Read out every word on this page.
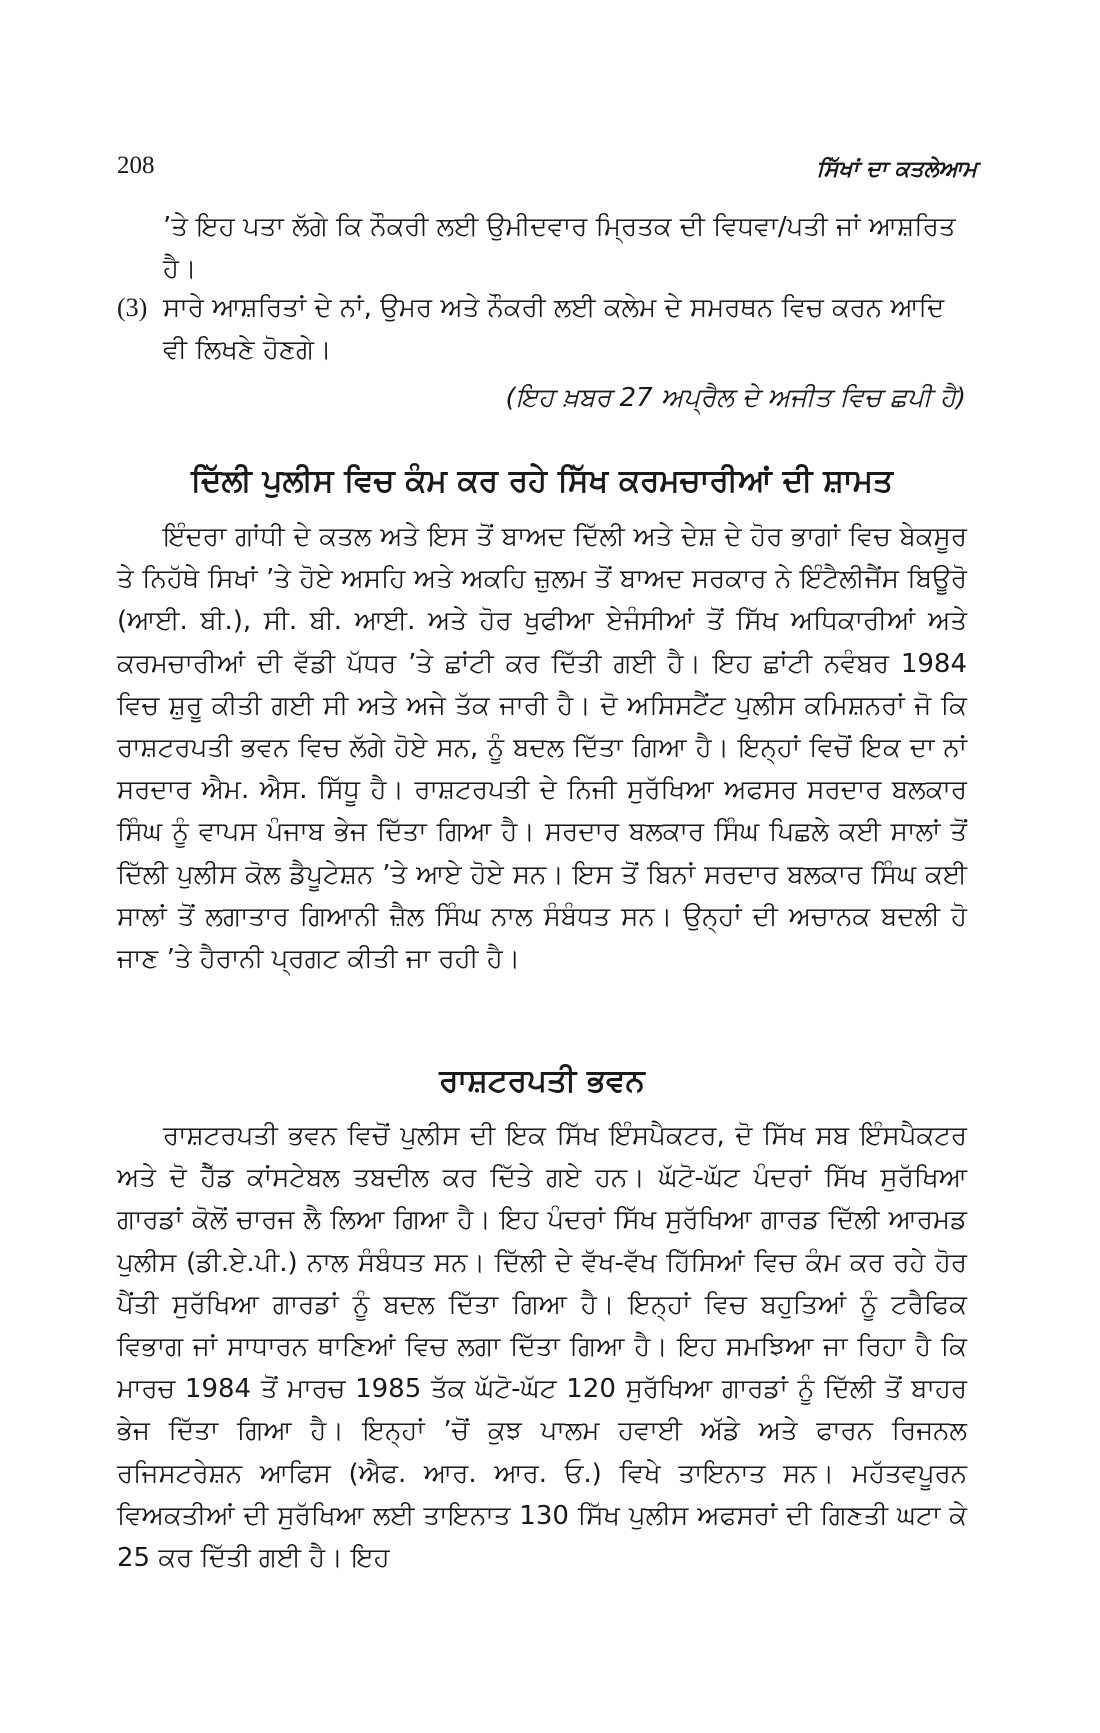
208	ਸਿੱਖਾਂ ਦਾ ਕਤਲੇਆਮ

’ਤੇ ਇਹ ਪਤਾ ਲੱਗੇ ਕਿ ਨੌਕਰੀ ਲਈ ਉਮੀਦਵਾਰ ਮ੍ਰਿਤਕ ਦੀ ਵਿਧਵਾ/ਪਤੀ ਜਾਂ ਆਸ਼ਰਿਤ ਹੈ।

(3) ਸਾਰੇ ਆਸ਼ਰਿਤਾਂ ਦੇ ਨਾਂ, ਉਮਰ ਅਤੇ ਨੌਕਰੀ ਲਈ ਕਲੇਮ ਦੇ ਸਮਰਥਨ ਵਿਚ ਕਰਨ ਆਦਿ ਵੀ ਲਿਖਣੇ ਹੋਣਗੇ।
(ਇਹ ਖ਼ਬਰ 27 ਅਪ੍ਰੈਲ ਦੇ ਅਜੀਤ ਵਿਚ ਛਪੀ ਹੈ)
ਦਿੱਲੀ ਪੁਲੀਸ ਵਿਚ ਕੰਮ ਕਰ ਰਹੇ ਸਿੱਖ ਕਰਮਚਾਰੀਆਂ ਦੀ ਸ਼ਾਮਤ

ਇੰਦਰਾ ਗਾਂਧੀ ਦੇ ਕਤਲ ਅਤੇ ਇਸ ਤੋਂ ਬਾਅਦ ਦਿੱਲੀ ਅਤੇ ਦੇਸ਼ ਦੇ ਹੋਰ ਭਾਗਾਂ ਵਿਚ ਬੇਕਸੂਰ ਤੇ ਨਿਹੱਥੇ ਸਿਖਾਂ ’ਤੇ ਹੋਏ ਅਸਹਿ ਅਤੇ ਅਕਹਿ ਜ਼ੁਲਮ ਤੋਂ ਬਾਅਦ ਸਰਕਾਰ ਨੇ ਇੰਟੈਲੀਜੈਂਸ ਬਿਊਰੋ (ਆਈ. ਬੀ.), ਸੀ. ਬੀ. ਆਈ. ਅਤੇ ਹੋਰ ਖੁਫੀਆ ਏਜੰਸੀਆਂ ਤੋਂ ਸਿੱਖ ਅਧਿਕਾਰੀਆਂ ਅਤੇ ਕਰਮਚਾਰੀਆਂ ਦੀ ਵੱਡੀ ਪੱਧਰ ’ਤੇ ਛਾਂਟੀ ਕਰ ਦਿੱਤੀ ਗਈ ਹੈ। ਇਹ ਛਾਂਟੀ ਨਵੰਬਰ 1984 ਵਿਚ ਸ਼ੁਰੂ ਕੀਤੀ ਗਈ ਸੀ ਅਤੇ ਅਜੇ ਤੱਕ ਜਾਰੀ ਹੈ। ਦੋ ਅਸਿਸਟੈਂਟ ਪੁਲੀਸ ਕਮਿਸ਼ਨਰਾਂ ਜੋ ਕਿ ਰਾਸ਼ਟਰਪਤੀ ਭਵਨ ਵਿਚ ਲੱਗੇ ਹੋਏ ਸਨ, ਨੂੰ ਬਦਲ ਦਿੱਤਾ ਗਿਆ ਹੈ। ਇਨ੍ਹਾਂ ਵਿਚੋਂ ਇਕ ਦਾ ਨਾਂ ਸਰਦਾਰ ਐਮ. ਐਸ. ਸਿੱਧੂ ਹੈ। ਰਾਸ਼ਟਰਪਤੀ ਦੇ ਨਿਜੀ ਸੁਰੱਖਿਆ ਅਫਸਰ ਸਰਦਾਰ ਬਲਕਾਰ ਸਿੰਘ ਨੂੰ ਵਾਪਸ ਪੰਜਾਬ ਭੇਜ ਦਿੱਤਾ ਗਿਆ ਹੈ। ਸਰਦਾਰ ਬਲਕਾਰ ਸਿੰਘ ਪਿਛਲੇ ਕਈ ਸਾਲਾਂ ਤੋਂ ਦਿੱਲੀ ਪੁਲੀਸ ਕੋਲ ਡੈਪੂਟੇਸ਼ਨ ’ਤੇ ਆਏ ਹੋਏ ਸਨ। ਇਸ ਤੋਂ ਬਿਨਾਂ ਸਰਦਾਰ ਬਲਕਾਰ ਸਿੰਘ ਕਈ ਸਾਲਾਂ ਤੋਂ ਲਗਾਤਾਰ ਗਿਆਨੀ ਜ਼ੈਲ ਸਿੰਘ ਨਾਲ ਸੰਬੰਧਤ ਸਨ। ਉਨ੍ਹਾਂ ਦੀ ਅਚਾਨਕ ਬਦਲੀ ਹੋ ਜਾਣ ’ਤੇ ਹੈਰਾਨੀ ਪ੍ਰਗਟ ਕੀਤੀ ਜਾ ਰਹੀ ਹੈ।

ਰਾਸ਼ਟਰਪਤੀ ਭਵਨ

ਰਾਸ਼ਟਰਪਤੀ ਭਵਨ ਵਿਚੋਂ ਪੁਲੀਸ ਦੀ ਇਕ ਸਿੱਖ ਇੰਸਪੈਕਟਰ, ਦੋ ਸਿੱਖ ਸਬ ਇੰਸਪੈਕਟਰ ਅਤੇ ਦੋ ਹੈੱਡ ਕਾਂਸਟੇਬਲ ਤਬਦੀਲ ਕਰ ਦਿੱਤੇ ਗਏ ਹਨ। ਘੱਟੋ-ਘੱਟ ਪੰਦਰਾਂ ਸਿੱਖ ਸੁਰੱਖਿਆ ਗਾਰਡਾਂ ਕੋਲੋਂ ਚਾਰਜ ਲੈ ਲਿਆ ਗਿਆ ਹੈ। ਇਹ ਪੰਦਰਾਂ ਸਿੱਖ ਸੁਰੱਖਿਆ ਗਾਰਡ ਦਿੱਲੀ ਆਰਮਡ ਪੁਲੀਸ (ਡੀ.ਏ.ਪੀ.) ਨਾਲ ਸੰਬੰਧਤ ਸਨ। ਦਿੱਲੀ ਦੇ ਵੱਖ-ਵੱਖ ਹਿੱਸਿਆਂ ਵਿਚ ਕੰਮ ਕਰ ਰਹੇ ਹੋਰ ਪੈਂਤੀ ਸੁਰੱਖਿਆ ਗਾਰਡਾਂ ਨੂੰ ਬਦਲ ਦਿੱਤਾ ਗਿਆ ਹੈ। ਇਨ੍ਹਾਂ ਵਿਚ ਬਹੁਤਿਆਂ ਨੂੰ ਟਰੈਫਿਕ ਵਿਭਾਗ ਜਾਂ ਸਾਧਾਰਨ ਥਾਣਿਆਂ ਵਿਚ ਲਗਾ ਦਿੱਤਾ ਗਿਆ ਹੈ। ਇਹ ਸਮਝਿਆ ਜਾ ਰਿਹਾ ਹੈ ਕਿ ਮਾਰਚ 1984 ਤੋਂ ਮਾਰਚ 1985 ਤੱਕ ਘੱਟੋ-ਘੱਟ 120 ਸੁਰੱਖਿਆ ਗਾਰਡਾਂ ਨੂੰ ਦਿੱਲੀ ਤੋਂ ਬਾਹਰ ਭੇਜ ਦਿੱਤਾ ਗਿਆ ਹੈ। ਇਨ੍ਹਾਂ ’ਚੋਂ ਕੁਝ ਪਾਲਮ ਹਵਾਈ ਅੱਡੇ ਅਤੇ ਫਾਰਨ ਰਿਜਨਲ ਰਜਿਸਟਰੇਸ਼ਨ ਆਫਿਸ (ਐਫ. ਆਰ. ਆਰ. ਓ.) ਵਿਖੇ ਤਾਇਨਾਤ ਸਨ। ਮਹੱਤਵਪੂਰਨ ਵਿਅਕਤੀਆਂ ਦੀ ਸੁਰੱਖਿਆ ਲਈ ਤਾਇਨਾਤ 130 ਸਿੱਖ ਪੁਲੀਸ ਅਫਸਰਾਂ ਦੀ ਗਿਣਤੀ ਘਟਾ ਕੇ 25 ਕਰ ਦਿੱਤੀ ਗਈ ਹੈ। ਇਹ
